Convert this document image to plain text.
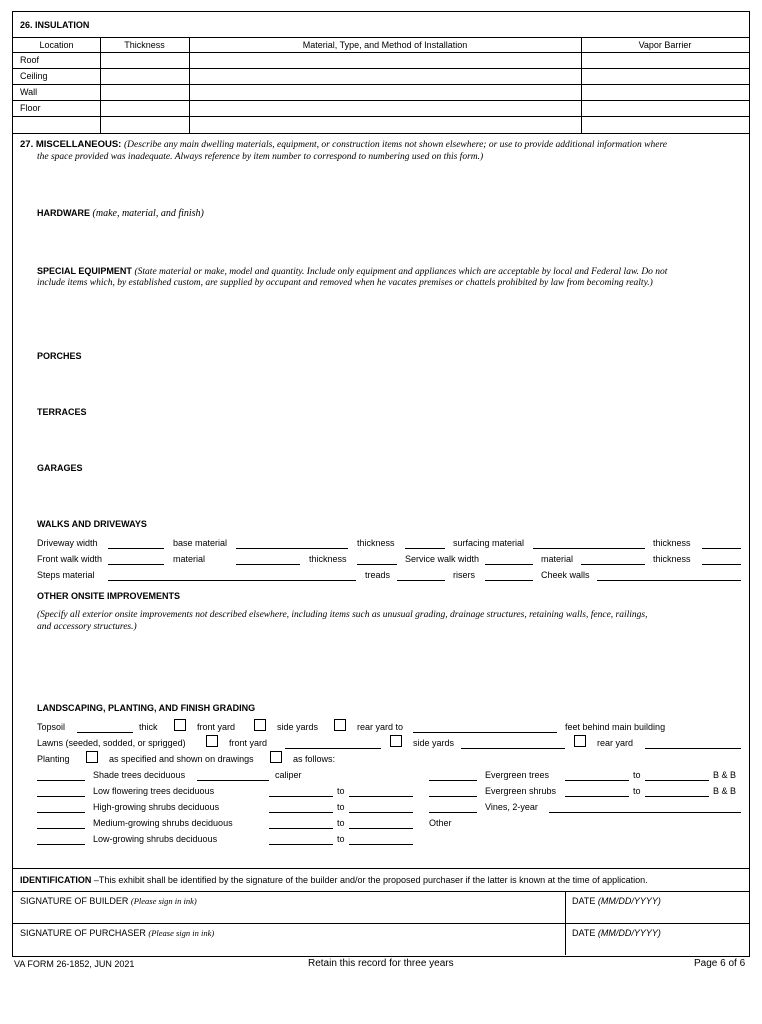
26. INSULATION
Location	Thickness	Material, Type, and Method of Installation	Vapor Barrier
Roof
Ceiling
Wall
Floor
27. MISCELLANEOUS: (Describe any main dwelling materials, equipment, or construction items not shown elsewhere; or use to provide additional information where
the space provided was inadequate. Always reference by item number to correspond to numbering used on this form.)
HARDWARE (make, material, and finish)
SPECIAL EQUIPMENT (State material or make, model and quantity. Include only equipment and appliances which are acceptable by local and Federal law. Do not
include items which, by established custom, are supplied by occupant and removed when he vacates premises or chattels prohibited by law from becoming realty.)
PORCHES
TERRACES
GARAGES
WALKS AND DRIVEWAYS
Driveway width	base material	thickness	surfacing material	thickness
Front walk width	material	thickness	Service walk width	material	thickness
Steps material	treads	risers	Cheek walls
OTHER ONSITE IMPROVEMENTS
(Specify all exterior onsite improvements not described elsewhere, including items such as unusual grading, drainage structures, retaining walls, fence, railings,
and accessory structures.)
LANDSCAPING, PLANTING, AND FINISH GRADING
Topsoil	thick	front yard	side yards	rear yard to	feet behind main building
Lawns (seeded, sodded, or sprigged)	front yard	side yards	rear yard
Planting	as specified and shown on drawings	as follows:
Shade trees deciduous	caliper
Low flowering trees deciduous	to
High-growing shrubs deciduous	to
Medium-growing shrubs deciduous	to
Low-growing shrubs deciduous	to
Evergreen trees	to	B & B
Evergreen shrubs	to	B & B
Vines, 2-year
Other
IDENTIFICATION –This exhibit shall be identified by the signature of the builder and/or the proposed purchaser if the latter is known at the time of application.
SIGNATURE OF BUILDER (Please sign in ink)	DATE (MM/DD/YYYY)
SIGNATURE OF PURCHASER (Please sign in ink)	DATE (MM/DD/YYYY)
VA FORM 26-1852, JUN 2021	Retain this record for three years	Page 6 of 6
